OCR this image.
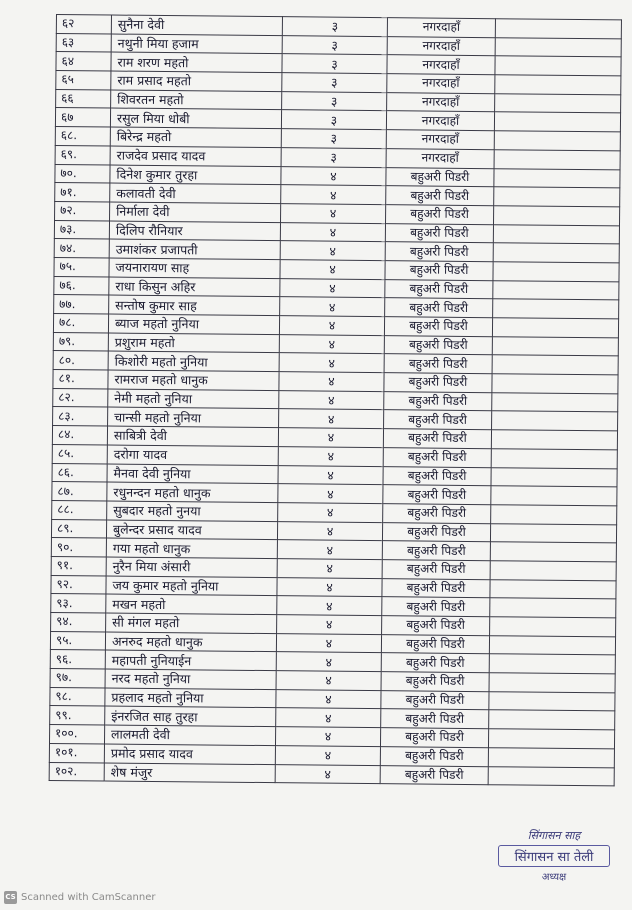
६२	सुनैना देवी	३	नगरदाहाँ	
६३	नथुनी मिया हजाम	३	नगरदाहाँ	
६४	राम शरण महतो	३	नगरदाहाँ	
६५	राम प्रसाद महतो	३	नगरदाहाँ	
६६	शिवरतन महतो	३	नगरदाहाँ	
६७	रसुल मिया धोबी	३	नगरदाहाँ	
६८.	बिरेन्द्र महतो	३	नगरदाहाँ	
६९.	राजदेव प्रसाद यादव	३	नगरदाहाँ	
७०.	दिनेश कुमार तुरहा	४	बहुअरी पिडरी	
७१.	कलावती देवी	४	बहुअरी पिडरी	
७२.	निर्माला देवी	४	बहुअरी पिडरी	
७३.	दिलिप रौनियार	४	बहुअरी पिडरी	
७४.	उमाशंकर प्रजापती	४	बहुअरी पिडरी	
७५.	जयनारायण साह	४	बहुअरी पिडरी	
७६.	राधा किसुन अहिर	४	बहुअरी पिडरी	
७७.	सन्तोष कुमार साह	४	बहुअरी पिडरी	
७८.	ब्याज महतो नुनिया	४	बहुअरी पिडरी	
७९.	प्रशुराम महतो	४	बहुअरी पिडरी	
८०.	किशोरी महतो नुनिया	४	बहुअरी पिडरी	
८१.	रामराज महतो धानुक	४	बहुअरी पिडरी	
८२.	नेमी महतो नुनिया	४	बहुअरी पिडरी	
८३.	चान्सी महतो नुनिया	४	बहुअरी पिडरी	
८४.	साबित्री देवी	४	बहुअरी पिडरी	
८५.	दरोगा यादव	४	बहुअरी पिडरी	
८६.	मैनवा देवी नुनिया	४	बहुअरी पिडरी	
८७.	रधुनन्दन महतो धानुक	४	बहुअरी पिडरी	
८८.	सुबदार महतो नुनया	४	बहुअरी पिडरी	
८९.	बुलेन्दर प्रसाद यादव	४	बहुअरी पिडरी	
९०.	गया महतो धानुक	४	बहुअरी पिडरी	
९१.	नुरैन मिया अंसारी	४	बहुअरी पिडरी	
९२.	जय कुमार महतो नुनिया	४	बहुअरी पिडरी	
९३.	मखन महतो	४	बहुअरी पिडरी	
९४.	सी मंगल महतो	४	बहुअरी पिडरी	
९५.	अनरुद महतो धानुक	४	बहुअरी पिडरी	
९६.	महापती नुनियाईन	४	बहुअरी पिडरी	
९७.	नरद महतो नुनिया	४	बहुअरी पिडरी	
९८.	प्रहलाद महतो नुनिया	४	बहुअरी पिडरी	
९९.	इंनरजित साह तुरहा	४	बहुअरी पिडरी	
१००.	लालमती देवी	४	बहुअरी पिडरी	
१०१.	प्रमोद प्रसाद यादव	४	बहुअरी पिडरी	
१०२.	शेष मंजुर	४	बहुअरी पिडरी	
सिंगासन साह
सिंगासन सा तेली
अध्यक्ष
CS Scanned with CamScanner
